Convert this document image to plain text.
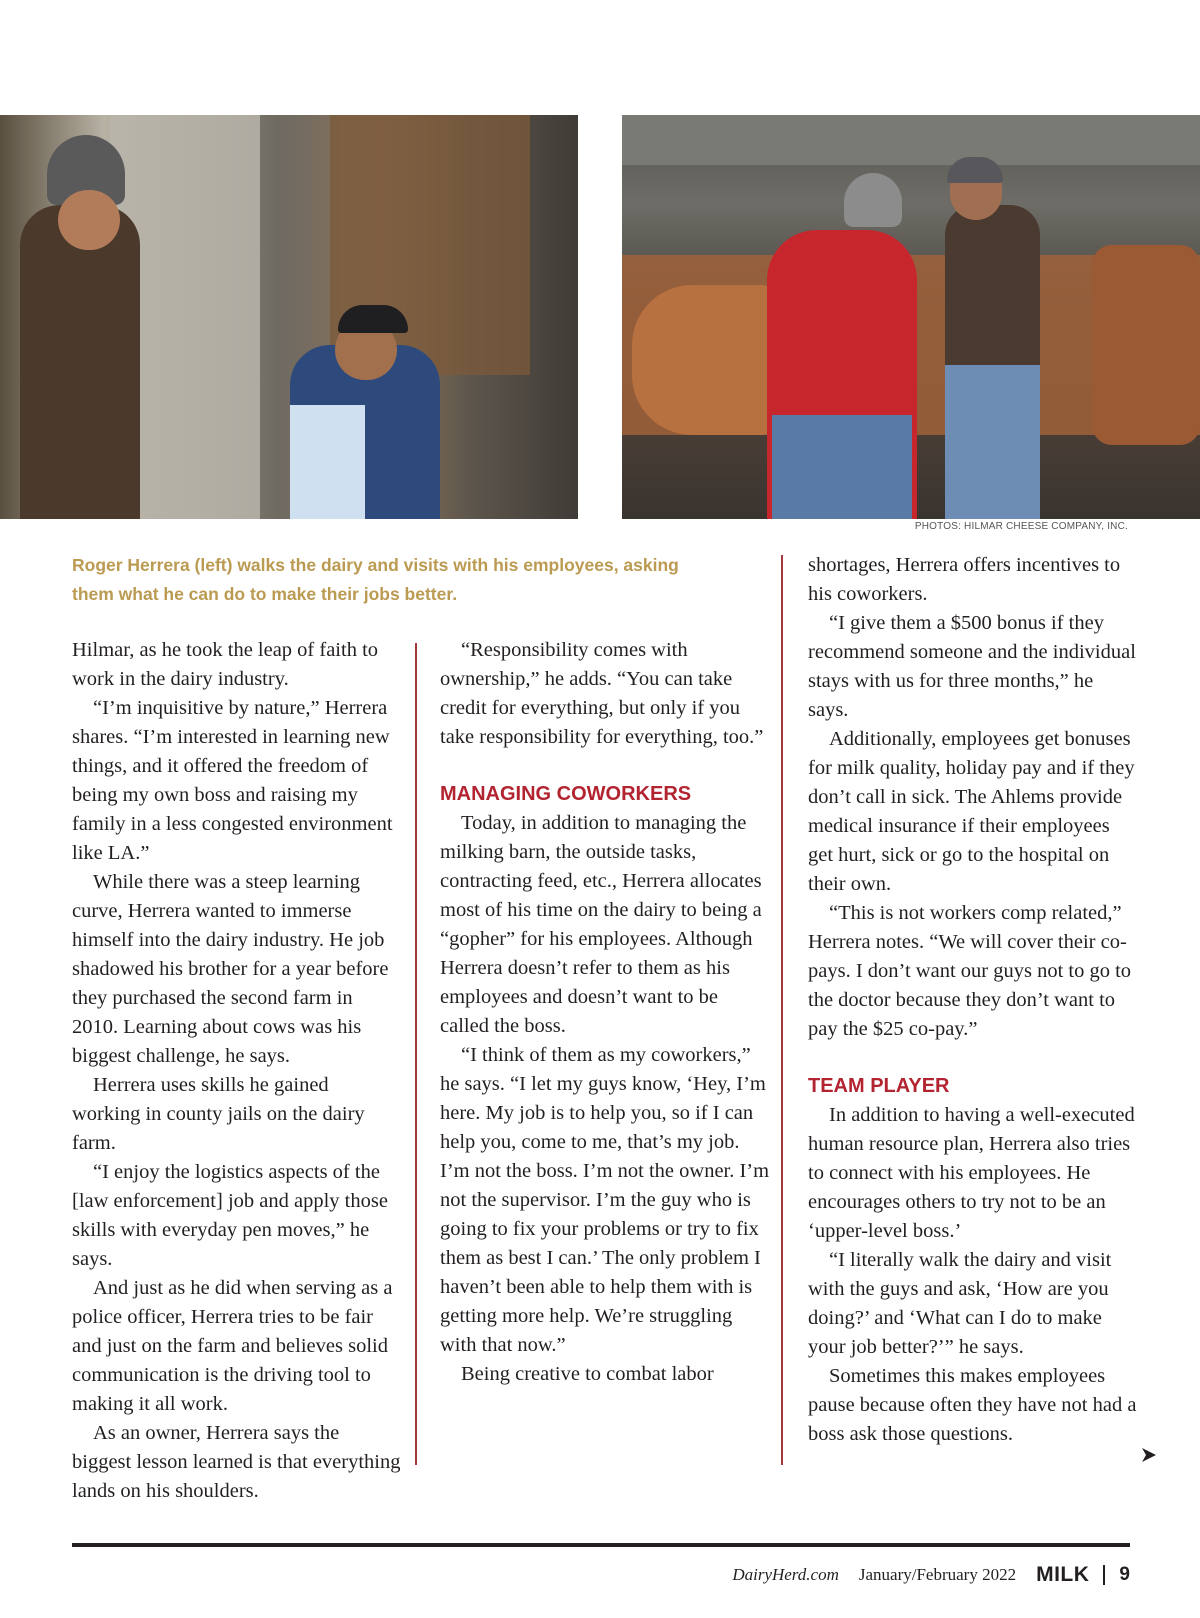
PHOTOS: HILMAR CHEESE COMPANY, INC.
Roger Herrera (left) walks the dairy and visits with his employees, asking them what he can do to make their jobs better.

Hilmar, as he took the leap of faith to work in the dairy industry.

“I’m inquisitive by nature,” Herrera shares. “I’m interested in learning new things, and it offered the freedom of being my own boss and raising my family in a less congested environment like LA.”

While there was a steep learning curve, Herrera wanted to immerse himself into the dairy industry. He job shadowed his brother for a year before they purchased the second farm in 2010. Learning about cows was his biggest challenge, he says.

Herrera uses skills he gained working in county jails on the dairy farm.

“I enjoy the logistics aspects of the [law enforcement] job and apply those skills with everyday pen moves,” he says.

And just as he did when serving as a police officer, Herrera tries to be fair and just on the farm and believes solid communication is the driving tool to making it all work.

As an owner, Herrera says the biggest lesson learned is that everything lands on his shoulders.

“Responsibility comes with ownership,” he adds. “You can take credit for everything, but only if you take responsibility for everything, too.”

MANAGING COWORKERS

Today, in addition to managing the milking barn, the outside tasks, contracting feed, etc., Herrera allocates most of his time on the dairy to being a “gopher” for his employees. Although Herrera doesn’t refer to them as his employees and doesn’t want to be called the boss.

“I think of them as my coworkers,” he says. “I let my guys know, ‘Hey, I’m here. My job is to help you, so if I can help you, come to me, that’s my job. I’m not the boss. I’m not the owner. I’m not the supervisor. I’m the guy who is going to fix your problems or try to fix them as best I can.’ The only problem I haven’t been able to help them with is getting more help. We’re struggling with that now.”

Being creative to combat labor

shortages, Herrera offers incentives to his coworkers.

“I give them a $500 bonus if they recommend someone and the individual stays with us for three months,” he says.

Additionally, employees get bonuses for milk quality, holiday pay and if they don’t call in sick. The Ahlems provide medical insurance if their employees get hurt, sick or go to the hospital on their own.

“This is not workers comp related,” Herrera notes. “We will cover their co-pays. I don’t want our guys not to go to the doctor because they don’t want to pay the $25 co-pay.”

TEAM PLAYER

In addition to having a well-executed human resource plan, Herrera also tries to connect with his employees. He encourages others to try not to be an ‘upper-level boss.’

“I literally walk the dairy and visit with the guys and ask, ‘How are you doing?’ and ‘What can I do to make your job better?’” he says.

Sometimes this makes employees pause because often they have not had a boss ask those questions.

DairyHerd.com January/February 2022 MILK 9
